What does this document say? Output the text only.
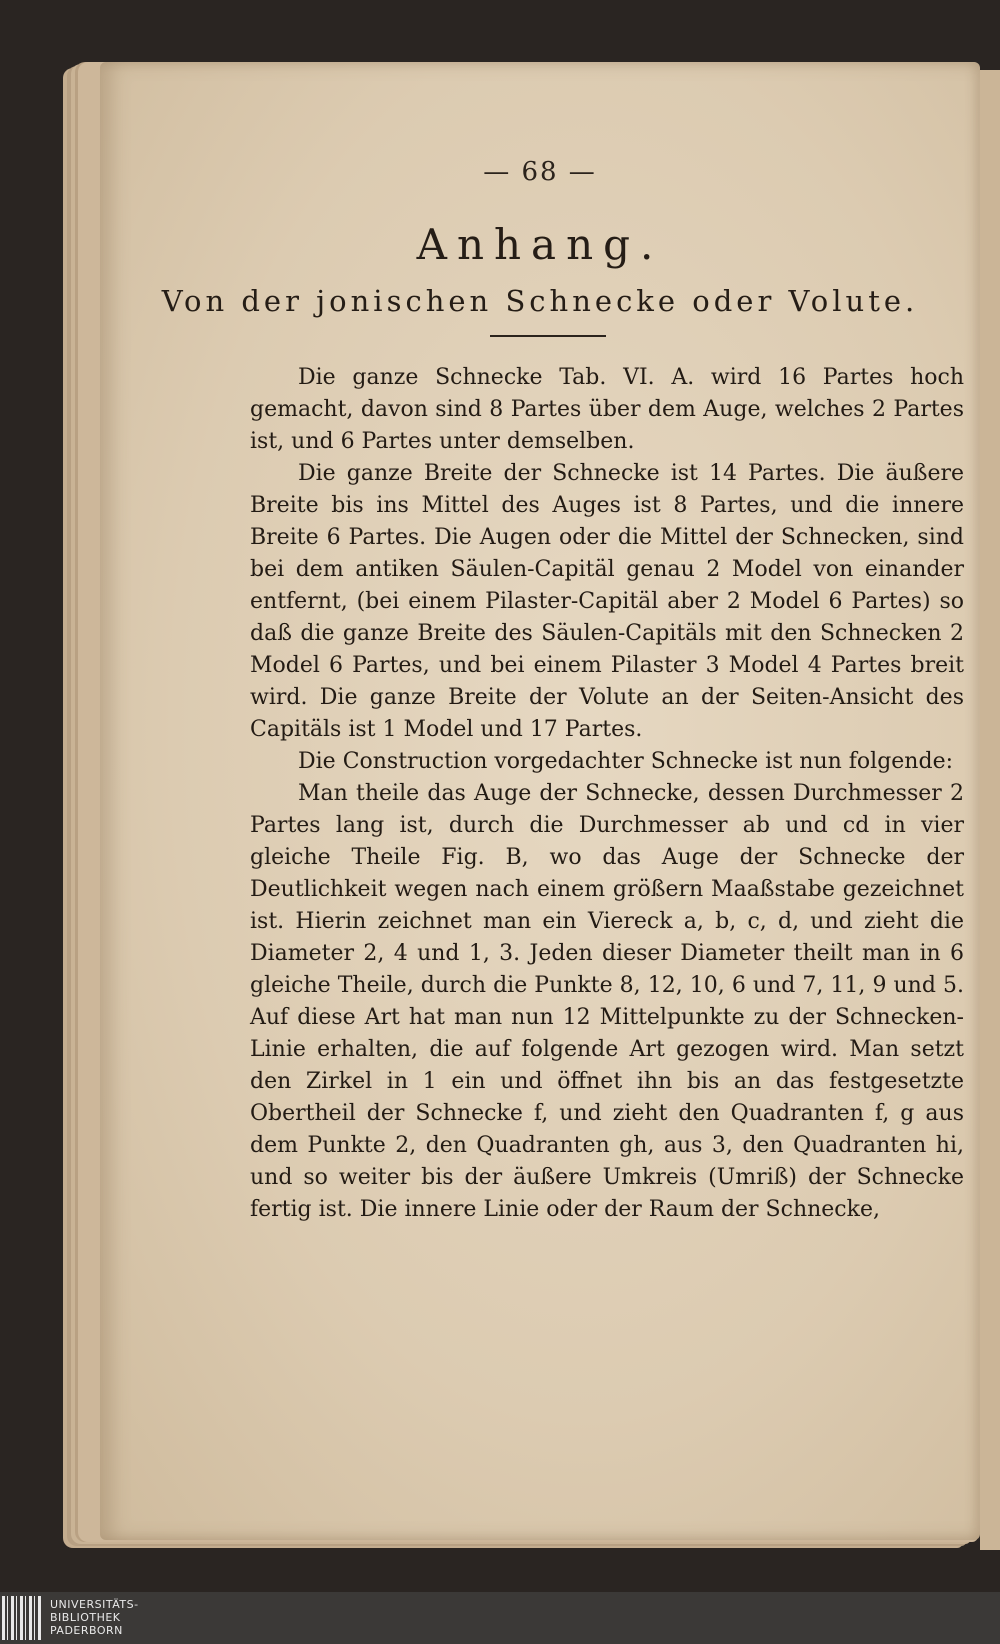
— 68 —
Anhang.
Von der jonischen Schnecke oder Volute.

Die ganze Schnecke Tab. VI. A. wird 16 Partes hoch gemacht, davon sind 8 Partes über dem Auge, welches 2 Partes ist, und 6 Partes unter demselben.

Die ganze Breite der Schnecke ist 14 Partes. Die äußere Breite bis ins Mittel des Auges ist 8 Partes, und die innere Breite 6 Partes. Die Augen oder die Mittel der Schnecken, sind bei dem antiken Säulen-Capitäl genau 2 Model von einander entfernt, (bei einem Pilaster-Capitäl aber 2 Model 6 Partes) so daß die ganze Breite des Säulen-Capitäls mit den Schnecken 2 Model 6 Partes, und bei einem Pilaster 3 Model 4 Partes breit wird. Die ganze Breite der Volute an der Seiten-Ansicht des Capitäls ist 1 Model und 17 Partes.

Die Construction vorgedachter Schnecke ist nun folgende:

Man theile das Auge der Schnecke, dessen Durchmesser 2 Partes lang ist, durch die Durchmesser ab und cd in vier gleiche Theile Fig. B, wo das Auge der Schnecke der Deutlichkeit wegen nach einem größern Maaßstabe gezeichnet ist. Hierin zeichnet man ein Viereck a, b, c, d, und zieht die Diameter 2, 4 und 1, 3. Jeden dieser Diameter theilt man in 6 gleiche Theile, durch die Punkte 8, 12, 10, 6 und 7, 11, 9 und 5. Auf diese Art hat man nun 12 Mittelpunkte zu der Schnecken-Linie erhalten, die auf folgende Art gezogen wird. Man setzt den Zirkel in 1 ein und öffnet ihn bis an das festgesetzte Obertheil der Schnecke f, und zieht den Quadranten f, g aus dem Punkte 2, den Quadranten gh, aus 3, den Quadranten hi, und so weiter bis der äußere Umkreis (Umriß) der Schnecke fertig ist. Die innere Linie oder der Raum der Schnecke,

UNIVERSITÄTS-
BIBLIOTHEK
PADERBORN
